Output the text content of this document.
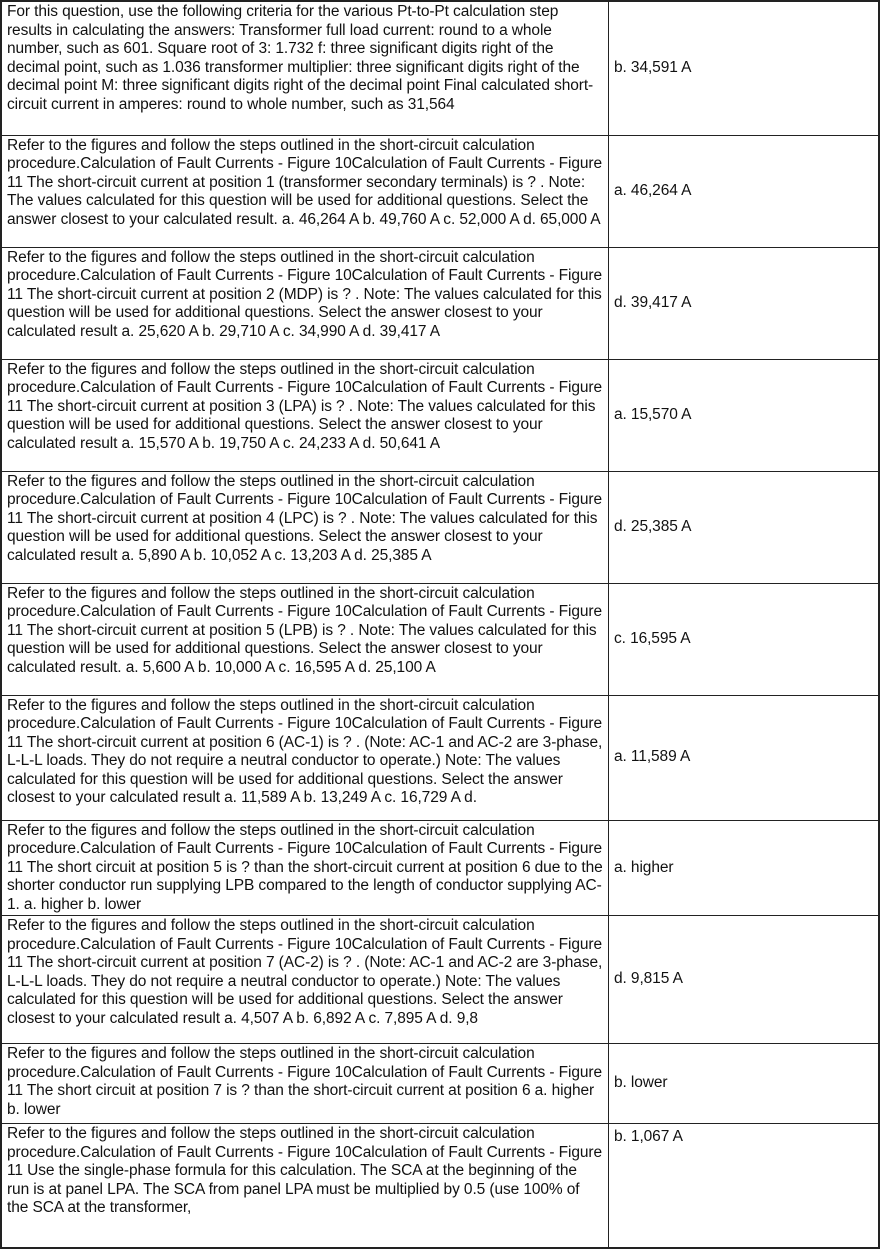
For this question, use the following criteria for the various Pt-to-Pt calculation step results in calculating the answers: Transformer full load current: round to a whole number, such as 601. Square root of 3: 1.732 f: three significant digits right of the decimal point, such as 1.036 transformer multiplier: three significant digits right of the decimal point M: three significant digits right of the decimal point Final calculated short-circuit current in amperes: round to whole number, such as 31,564	b. 34,591 A
Refer to the figures and follow the steps outlined in the short-circuit calculation procedure.Calculation of Fault Currents - Figure 10Calculation of Fault Currents - Figure 11 The short-circuit current at position 1 (transformer secondary terminals) is ? . Note: The values calculated for this question will be used for additional questions. Select the answer closest to your calculated result. a. 46,264 A b. 49,760 A c. 52,000 A d. 65,000 A	a. 46,264 A
Refer to the figures and follow the steps outlined in the short-circuit calculation procedure.Calculation of Fault Currents - Figure 10Calculation of Fault Currents - Figure 11 The short-circuit current at position 2 (MDP) is ? . Note: The values calculated for this question will be used for additional questions. Select the answer closest to your calculated result a. 25,620 A b. 29,710 A c. 34,990 A d. 39,417 A	d. 39,417 A
Refer to the figures and follow the steps outlined in the short-circuit calculation procedure.Calculation of Fault Currents - Figure 10Calculation of Fault Currents - Figure 11 The short-circuit current at position 3 (LPA) is ? . Note: The values calculated for this question will be used for additional questions. Select the answer closest to your calculated result a. 15,570 A b. 19,750 A c. 24,233 A d. 50,641 A	a. 15,570 A
Refer to the figures and follow the steps outlined in the short-circuit calculation procedure.Calculation of Fault Currents - Figure 10Calculation of Fault Currents - Figure 11 The short-circuit current at position 4 (LPC) is ? . Note: The values calculated for this question will be used for additional questions. Select the answer closest to your calculated result a. 5,890 A b. 10,052 A c. 13,203 A d. 25,385 A	d. 25,385 A
Refer to the figures and follow the steps outlined in the short-circuit calculation procedure.Calculation of Fault Currents - Figure 10Calculation of Fault Currents - Figure 11 The short-circuit current at position 5 (LPB) is ? . Note: The values calculated for this question will be used for additional questions. Select the answer closest to your calculated result. a. 5,600 A b. 10,000 A c. 16,595 A d. 25,100 A	c. 16,595 A
Refer to the figures and follow the steps outlined in the short-circuit calculation procedure.Calculation of Fault Currents - Figure 10Calculation of Fault Currents - Figure 11 The short-circuit current at position 6 (AC-1) is ? . (Note: AC-1 and AC-2 are 3-phase, L-L-L loads. They do not require a neutral conductor to operate.) Note: The values calculated for this question will be used for additional questions. Select the answer closest to your calculated result a. 11,589 A b. 13,249 A c. 16,729 A d.	a. 11,589 A
Refer to the figures and follow the steps outlined in the short-circuit calculation procedure.Calculation of Fault Currents - Figure 10Calculation of Fault Currents - Figure 11 The short circuit at position 5 is ? than the short-circuit current at position 6 due to the shorter conductor run supplying LPB compared to the length of conductor supplying AC-1. a. higher b. lower	a. higher
Refer to the figures and follow the steps outlined in the short-circuit calculation procedure.Calculation of Fault Currents - Figure 10Calculation of Fault Currents - Figure 11 The short-circuit current at position 7 (AC-2) is ? . (Note: AC-1 and AC-2 are 3-phase, L-L-L loads. They do not require a neutral conductor to operate.) Note: The values calculated for this question will be used for additional questions. Select the answer closest to your calculated result a. 4,507 A b. 6,892 A c. 7,895 A d. 9,8	d. 9,815 A
Refer to the figures and follow the steps outlined in the short-circuit calculation procedure.Calculation of Fault Currents - Figure 10Calculation of Fault Currents - Figure 11 The short circuit at position 7 is ? than the short-circuit current at position 6 a. higher b. lower	b. lower
Refer to the figures and follow the steps outlined in the short-circuit calculation procedure.Calculation of Fault Currents - Figure 10Calculation of Fault Currents - Figure 11 Use the single-phase formula for this calculation. The SCA at the beginning of the run is at panel LPA. The SCA from panel LPA must be multiplied by 0.5 (use 100% of the SCA at the transformer,	b. 1,067 A
